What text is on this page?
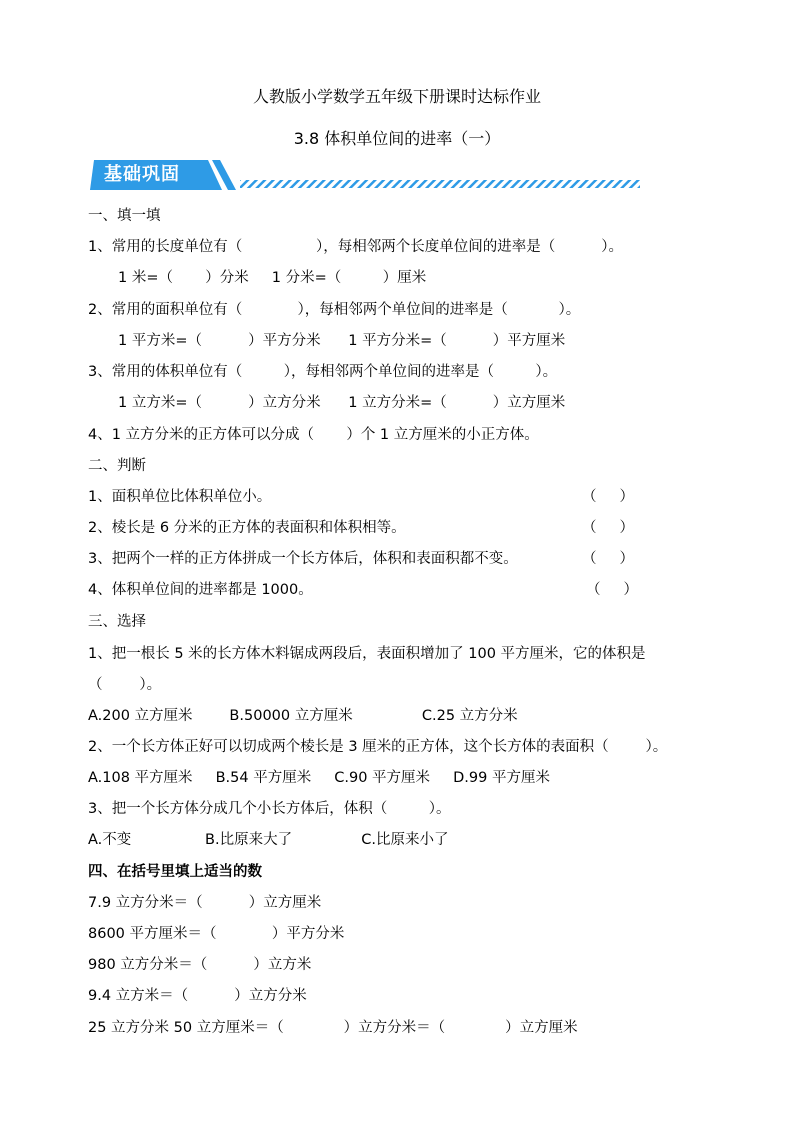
人教版小学数学五年级下册课时达标作业
3.8 体积单位间的进率（一）
基础巩固
一、填一填
1、常用的长度单位有（                ），每相邻两个长度单位间的进率是（          ）。
1 米=（       ）分米     1 分米=（         ）厘米
2、常用的面积单位有（            ），每相邻两个单位间的进率是（           ）。
1 平方米=（          ）平方分米      1 平方分米=（          ）平方厘米
3、常用的体积单位有（         ），每相邻两个单位间的进率是（         ）。
1 立方米=（          ）立方分米      1 立方分米=（          ）立方厘米
4、1 立方分米的正方体可以分成（       ）个 1 立方厘米的小正方体。
二、判断
1、面积单位比体积单位小。	（     ）
2、棱长是 6 分米的正方体的表面积和体积相等。	（     ）
3、把两个一样的正方体拼成一个长方体后，体积和表面积都不变。	（     ）
4、体积单位间的进率都是 1000。	（     ）
三、选择
1、把一根长 5 米的长方体木料锯成两段后，表面积增加了 100 平方厘米，它的体积是
（        ）。
A.200 立方厘米        B.50000 立方厘米               C.25 立方分米
2、一个长方体正好可以切成两个棱长是 3 厘米的正方体，这个长方体的表面积（        ）。
A.108 平方厘米     B.54 平方厘米     C.90 平方厘米     D.99 平方厘米
3、把一个长方体分成几个小长方体后，体积（         ）。
A.不变                B.比原来大了               C.比原来小了
四、在括号里填上适当的数
7.9 立方分米＝（          ）立方厘米
8600 平方厘米＝（            ）平方分米
980 立方分米＝（          ）立方米
9.4 立方米＝（          ）立方分米
25 立方分米 50 立方厘米＝（             ）立方分米＝（             ）立方厘米
